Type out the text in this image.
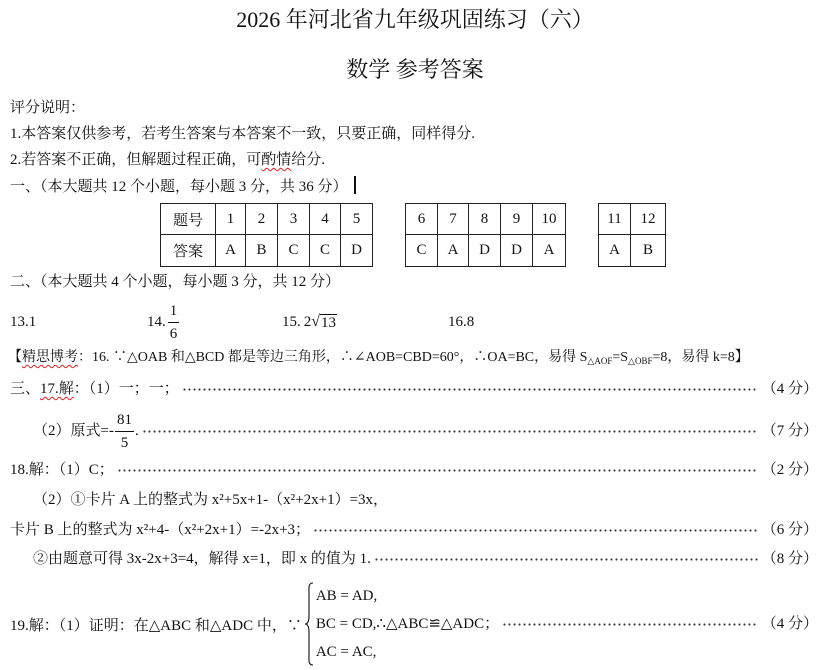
2026 年河北省九年级巩固练习（六）
数学 参考答案
评分说明：
1.本答案仅供参考，若考生答案与本答案不一致，只要正确，同样得分.
2.若答案不正确，但解题过程正确，可酌情给分.
一、（本大题共 12 个小题，每小题 3 分，共 36 分）
题号	1	2	3	4	5		6	7	8	9	10		11	12
答案	A	B	C	C	D		C	A	D	D	A		A	B
二、（本大题共 4 个小题，每小题 3 分，共 12 分）
13.1	14. $\frac{1}{6}$	15. 2 √ 13	16.8
【精思博考：16. ∵△OAB 和△BCD 都是等边三角形，∴∠AOB=CBD=60°，∴OA=BC，易得 $S_{\triangle AOF}=S_{\triangle OBF}=8$，易得 k=8】
三、 17.解 ：（1）一；一；	（4 分）
（2）原式=- $\frac{81}{5}$ .	（7 分）
18.解：（1）C；	（2 分）
（2）①卡片 A 上的整式为 x²+5x+1-（x²+2x+1）=3x，
卡片 B 上的整式为 x²+4-（x²+2x+1）=-2x+3；	（6 分）
②由题意可得 3x-2x+3=4，解得 x=1，即 x 的值为 1.	（8 分）
19.解：（1）证明：在△ABC 和△ADC 中，∵
AB = AD,
BC = CD, ∴△ABC≌△ADC；	（4 分）
AC = AC,
